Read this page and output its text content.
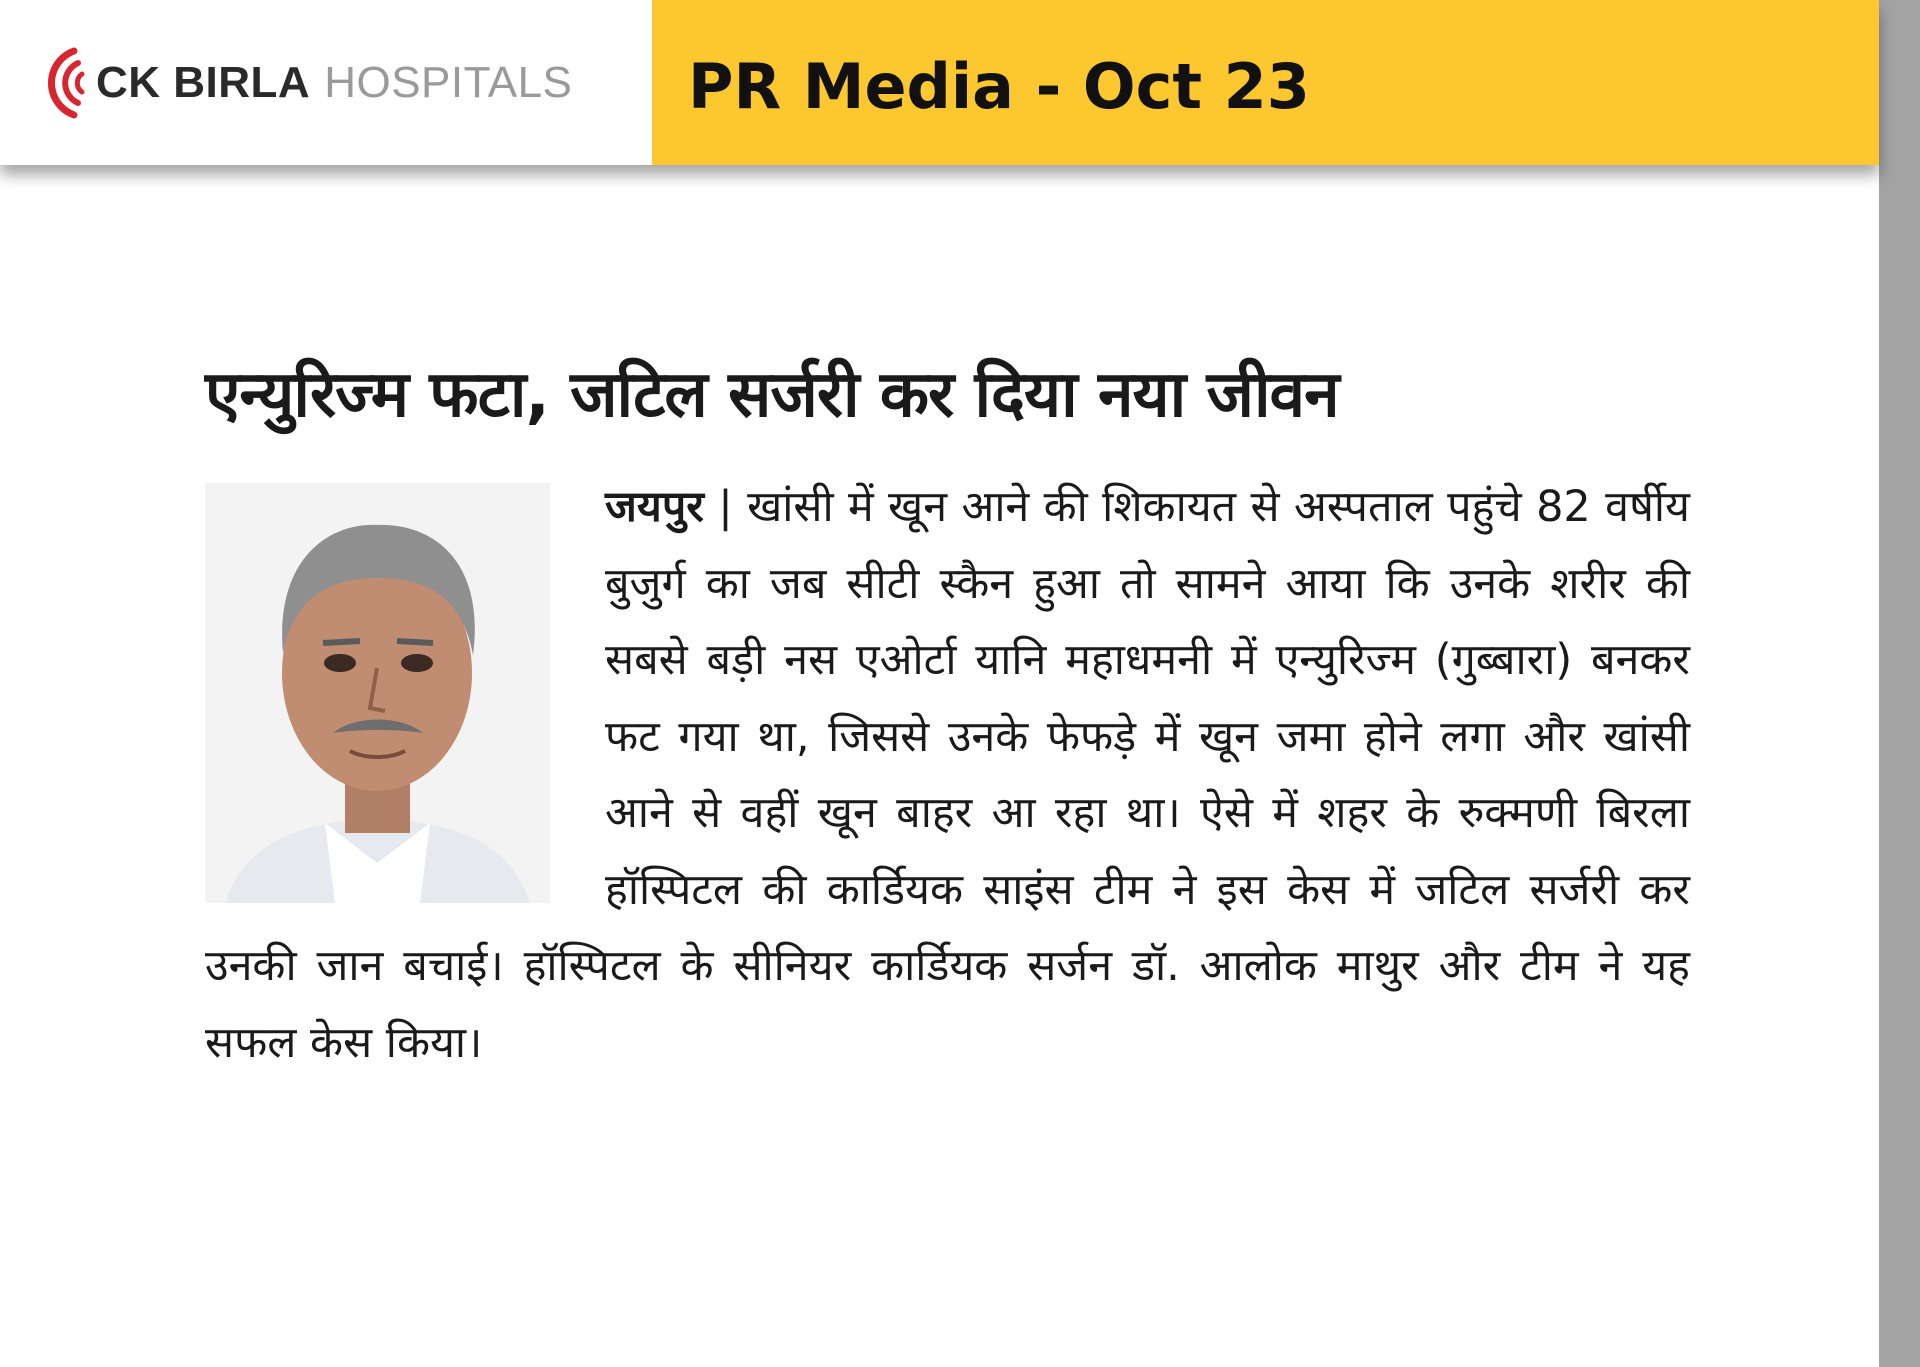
CK BIRLA HOSPITALS PR Media - Oct 23
एन्युरिज्म फटा, जटिल सर्जरी कर दिया नया जीवन

जयपुर | खांसी में खून आने की शिकायत से अस्पताल पहुंचे 82 वर्षीय बुजुर्ग का जब सीटी स्कैन हुआ तो सामने आया कि उनके शरीर की सबसे बड़ी नस एओर्टा यानि महाधमनी में एन्युरिज्म (गुब्बारा) बनकर फट गया था, जिससे उनके फेफड़े में खून जमा होने लगा और खांसी आने से वहीं खून बाहर आ रहा था। ऐसे में शहर के रुक्मणी बिरला हॉस्पिटल की कार्डियक साइंस टीम ने इस केस में जटिल सर्जरी कर उनकी जान बचाई। हॉस्पिटल के सीनियर कार्डियक सर्जन डॉ. आलोक माथुर और टीम ने यह सफल केस किया।
